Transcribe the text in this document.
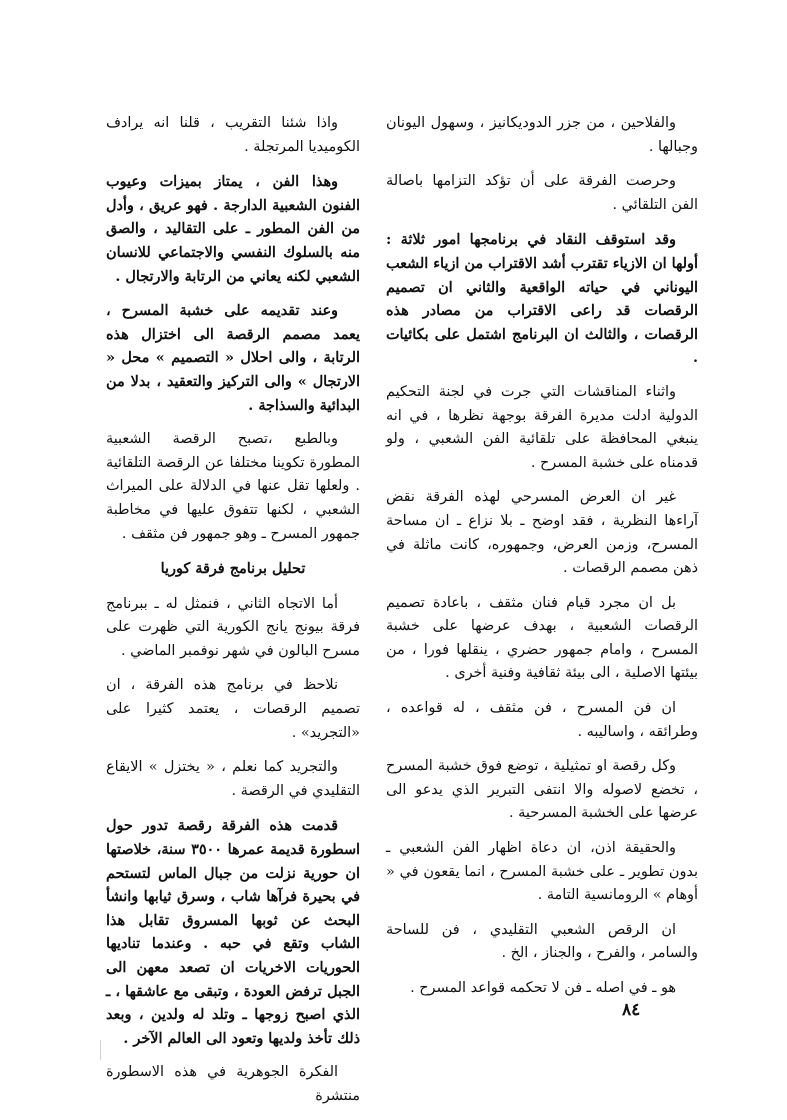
والفلاحين ، من جزر الدوديكانيز ، وسهول اليونان وجبالها .

وحرصت الفرقة على أن تؤكد التزامها باصالة الفن التلقائي .

وقد استوقف النقاد في برنامجها امور ثلاثة : أولها ان الازياء تقترب أشد الاقتراب من ازياء الشعب اليوناني في حياته الواقعية والثاني ان تصميم الرقصات قد راعى الاقتراب من مصادر هذه الرقصات ، والثالث ان البرنامج اشتمل على بكائيات .

واثناء المناقشات التي جرت في لجنة التحكيم الدولية ادلت مديرة الفرقة بوجهة نظرها ، في انه ينبغي المحافظة على تلقائية الفن الشعبي ، ولو قدمناه على خشبة المسرح .

غير ان العرض المسرحي لهذه الفرقة نقض آراءها النظرية ، فقد اوضح ـ بلا نزاع ـ ان مساحة المسرح، وزمن العرض، وجمهوره، كانت ماثلة في ذهن مصمم الرقصات .

بل ان مجرد قيام فنان مثقف ، باعادة تصميم الرقصات الشعبية ، بهدف عرضها على خشبة المسرح ، وامام جمهور حضري ، ينقلها فورا ، من بيئتها الاصلية ، الى بيئة ثقافية وفنية أخرى .

ان فن المسرح ، فن مثقف ، له قواعده ، وطرائقه ، واساليبه .

وكل رقصة او تمثيلية ، توضع فوق خشبة المسرح ، تخضع لاصوله والا انتفى التبرير الذي يدعو الى عرضها على الخشبة المسرحية .

والحقيقة اذن، ان دعاة اظهار الفن الشعبي ـ بدون تطوير ـ على خشبة المسرح ، انما يقعون في « أوهام » الرومانسية التامة .

ان الرقص الشعبي التقليدي ، فن للساحة والسامر ، والفرح ، والجناز ، الخ .

هو ـ في اصله ـ فن لا تحكمه قواعد المسرح .

واذا شئنا التقريب ، قلنا انه يرادف الكوميديا المرتجلة .

وهذا الفن ، يمتاز بميزات وعيوب الفنون الشعبية الدارجة . فهو عريق ، وأدل من الفن المطور ـ على التقاليد ، والصق منه بالسلوك النفسي والاجتماعي للانسان الشعبي لكنه يعاني من الرتابة والارتجال .

وعند تقديمه على خشبة المسرح ، يعمد مصمم الرقصة الى اختزال هذه الرتابة ، والى احلال « التصميم » محل « الارتجال » والى التركيز والتعقيد ، بدلا من البدائية والسذاجة .

وبالطبع ،تصبح الرقصة الشعبية المطورة تكوينا مختلفا عن الرقصة التلقائية . ولعلها تقل عنها في الدلالة على الميراث الشعبي ، لكنها تتفوق عليها في مخاطبة جمهور المسرح ـ وهو جمهور فن مثقف .

تحليل برنامج فرقة كوريا

أما الاتجاه الثاني ، فنمثل له ـ ببرنامج فرقة بيونج يانج الكورية التي ظهرت على مسرح البالون في شهر نوفمبر الماضي .

نلاحظ في برنامج هذه الفرقة ، ان تصميم الرقصات ، يعتمد كثيرا على «التجريد» .

والتجريد كما نعلم ، « يختزل » الايقاع التقليدي في الرقصة .

قدمت هذه الفرقة رقصة تدور حول اسطورة قديمة عمرها ٣٥٠٠ سنة، خلاصتها ان حورية نزلت من جبال الماس لتستحم في بحيرة فرآها شاب ، وسرق ثيابها وانشأ البحث عن ثوبها المسروق تقابل هذا الشاب وتقع في حبه . وعندما تناديها الحوريات الاخريات ان تصعد معهن الى الجبل ترفض العودة ، وتبقى مع عاشقها ، ـ الذي اصبح زوجها ـ وتلد له ولدين ، وبعد ذلك تأخذ ولديها وتعود الى العالم الآخر .

الفكرة الجوهرية في هذه الاسطورة منتشرة

٨٤
